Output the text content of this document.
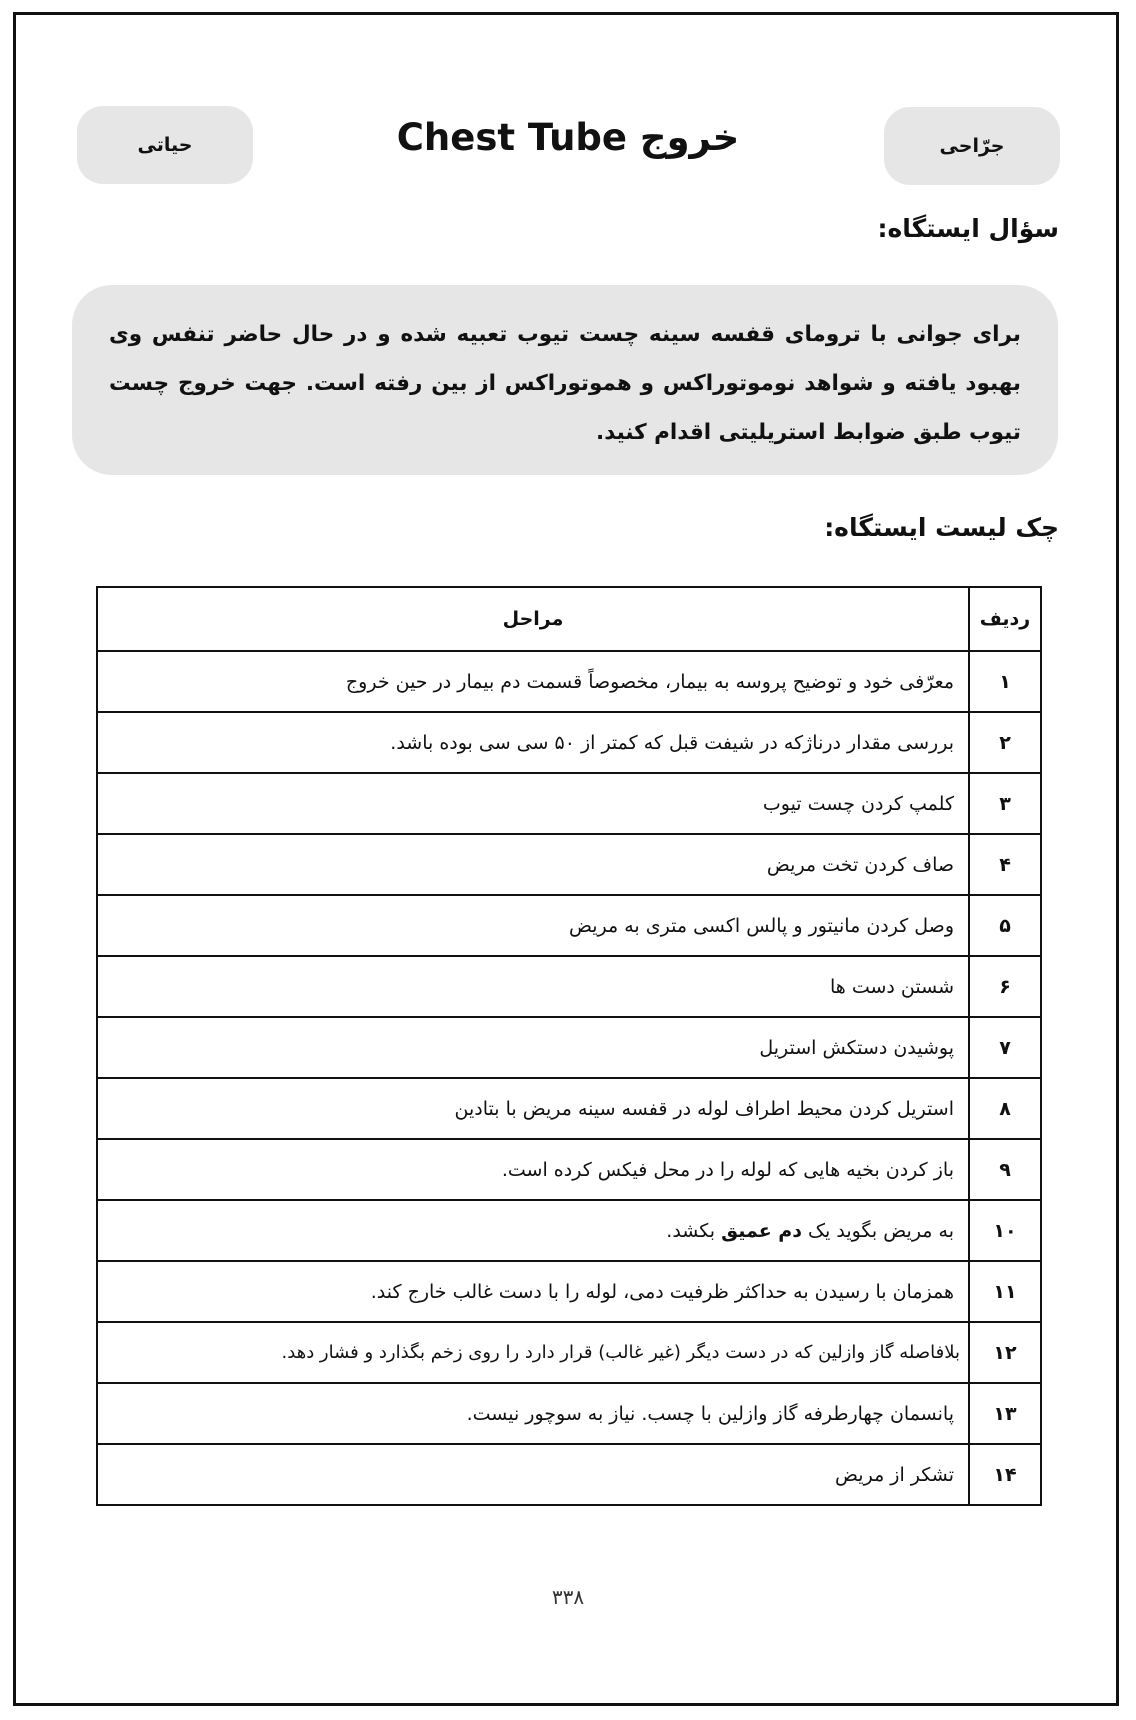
جرّاحی
خروج Chest Tube
حیاتی
سؤال ایستگاه:
برای جوانی با ترومای قفسه سینه چست تیوب تعبیه شده و در حال حاضر تنفس وی بهبود یافته و شواهد نوموتوراکس و هموتوراکس از بین رفته است. جهت خروج چست تیوب طبق ضوابط استریلیتی اقدام کنید.
چک لیست ایستگاه:
ردیف	مراحل
۱	معرّفی خود و توضیح پروسه به بیمار، مخصوصاً قسمت دم بیمار در حین خروج
۲	بررسی مقدار درناژکه در شیفت قبل که کمتر از ۵۰ سی سی بوده باشد.
۳	کلمپ کردن چست تیوب
۴	صاف کردن تخت مریض
۵	وصل کردن مانیتور و پالس اکسی متری به مریض
۶	شستن دست ها
۷	پوشیدن دستکش استریل
۸	استریل کردن محیط اطراف لوله در قفسه سینه مریض با بتادین
۹	باز کردن بخیه هایی که لوله را در محل فیکس کرده است.
۱۰	به مریض بگوید یک دم عمیق بکشد.
۱۱	همزمان با رسیدن به حداکثر ظرفیت دمی، لوله را با دست غالب خارج کند.
۱۲	بلافاصله گاز وازلین که در دست دیگر (غیر غالب) قرار دارد را روی زخم بگذارد و فشار دهد.
۱۳	پانسمان چهارطرفه گاز وازلین با چسب. نیاز به سوچور نیست.
۱۴	تشکر از مریض
۳۳۸
